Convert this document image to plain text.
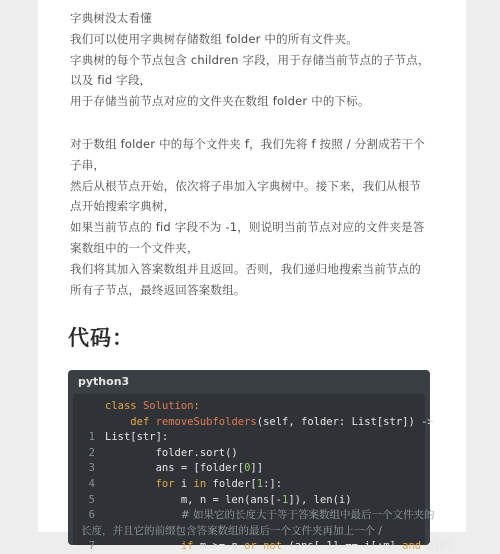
字典树没太看懂
我们可以使用字典树存储数组 folder 中的所有文件夹。
字典树的每个节点包含 children 字段，用于存储当前节点的子节点，
以及 fid 字段，
用于存储当前节点对应的文件夹在数组 folder 中的下标。
对于数组 folder 中的每个文件夹 f，我们先将 f 按照 / 分割成若干个
子串，
然后从根节点开始，依次将子串加入字典树中。接下来，我们从根节
点开始搜索字典树，
如果当前节点的 fid 字段不为 -1，则说明当前节点对应的文件夹是答
案数组中的一个文件夹，
我们将其加入答案数组并且返回。否则，我们递归地搜索当前节点的
所有子节点，最终返回答案数组。
代码：
python3
class Solution:
def removeSubfolders(self, folder: List[str]) ->
1 List[str]:
2 folder.sort()
3 ans = [folder[0]]
4	for i in folder[1:]:
5 m, n = len(ans[-1]), len(i)
6	# 如果它的长度大于等于答案数组中最后一个文件夹的
长度，并且它的前缀包含答案数组的最后一个文件夹再加上一个 /
7	if m >= n or not (ans[-1] == i[:m] and i[m]
